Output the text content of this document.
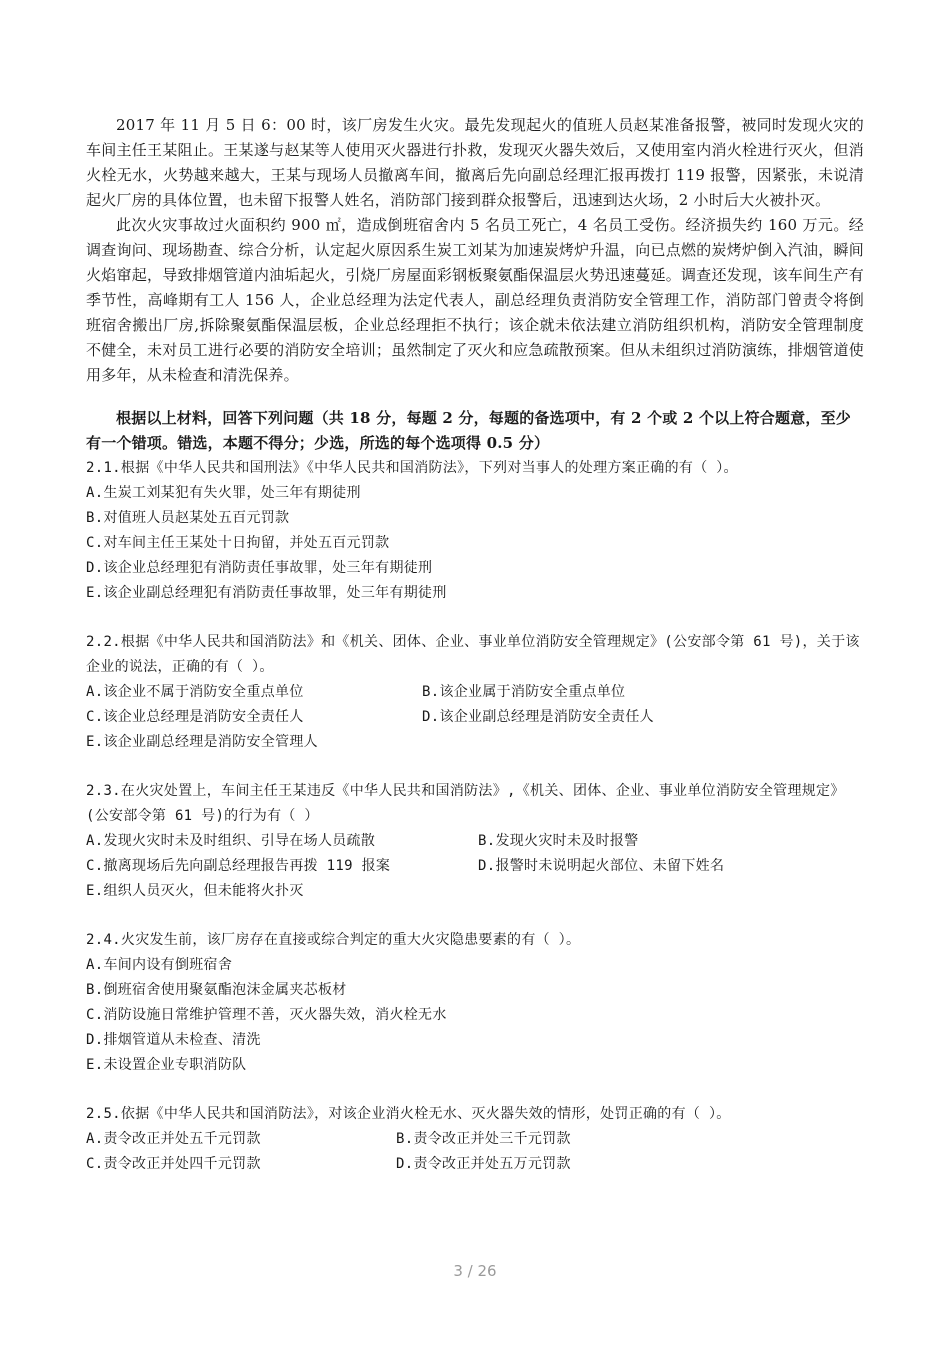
2017 年 11 月 5 日 6：00 时，该厂房发生火灾。最先发现起火的值班人员赵某准备报警，被同时发现火灾的车间主任王某阻止。王某遂与赵某等人使用灭火器进行扑救，发现灭火器失效后，又使用室内消火栓进行灭火，但消火栓无水，火势越来越大，王某与现场人员撤离车间，撤离后先向副总经理汇报再拨打 119 报警，因紧张，未说清起火厂房的具体位置，也未留下报警人姓名，消防部门接到群众报警后，迅速到达火场，2 小时后大火被扑灭。

此次火灾事故过火面积约 900 ㎡，造成倒班宿舍内 5 名员工死亡，4 名员工受伤。经济损失约 160 万元。经调查询问、现场勘查、综合分析，认定起火原因系生炭工刘某为加速炭烤炉升温，向已点燃的炭烤炉倒入汽油，瞬间火焰窜起，导致排烟管道内油垢起火，引烧厂房屋面彩钢板聚氨酯保温层火势迅速蔓延。调查还发现，该车间生产有季节性，高峰期有工人 156 人，企业总经理为法定代表人，副总经理负责消防安全管理工作，消防部门曾责令将倒班宿舍搬出厂房,拆除聚氨酯保温层板，企业总经理拒不执行；该企就未依法建立消防组织机构，消防安全管理制度不健全，未对员工进行必要的消防安全培训；虽然制定了灭火和应急疏散预案。但从未组织过消防演练，排烟管道使用多年，从未检查和清洗保养。

根据以上材料，回答下列问题（共 18 分，每题 2 分，每题的备选项中，有 2 个或 2 个以上符合题意，至少有一个错项。错选，本题不得分；少选，所选的每个选项得 0.5 分）

2.1.根据《中华人民共和国刑法》《中华人民共和国消防法》，下列对当事人的处理方案正确的有（ ）。

A.生炭工刘某犯有失火罪，处三年有期徒刑

B.对值班人员赵某处五百元罚款

C.对车间主任王某处十日拘留，并处五百元罚款

D.该企业总经理犯有消防责任事故罪，处三年有期徒刑

E.该企业副总经理犯有消防责任事故罪，处三年有期徒刑

2.2.根据《中华人民共和国消防法》和《机关、团体、企业、事业单位消防安全管理规定》(公安部令第 61 号)，关于该企业的说法，正确的有（ ）。

A.该企业不属于消防安全重点单位	B.该企业属于消防安全重点单位

C.该企业总经理是消防安全责任人	D.该企业副总经理是消防安全责任人

E.该企业副总经理是消防安全管理人

2.3.在火灾处置上，车间主任王某违反《中华人民共和国消防法》,《机关、团体、企业、事业单位消防安全管理规定》(公安部令第 61 号)的行为有（ ）

A.发现火灾时未及时组织、引导在场人员疏散	B.发现火灾时未及时报警

C.撤离现场后先向副总经理报告再拨 119 报案	D.报警时未说明起火部位、未留下姓名

E.组织人员灭火，但未能将火扑灭

2.4.火灾发生前，该厂房存在直接或综合判定的重大火灾隐患要素的有（ ）。

A.车间内设有倒班宿舍

B.倒班宿舍使用聚氨酯泡沫金属夹芯板材

C.消防设施日常维护管理不善，灭火器失效，消火栓无水

D.排烟管道从未检查、清洗

E.未设置企业专职消防队

2.5.依据《中华人民共和国消防法》，对该企业消火栓无水、灭火器失效的情形，处罚正确的有（ ）。

A.责令改正并处五千元罚款	B.责令改正并处三千元罚款

C.责令改正并处四千元罚款	D.责令改正并处五万元罚款

3 / 26
